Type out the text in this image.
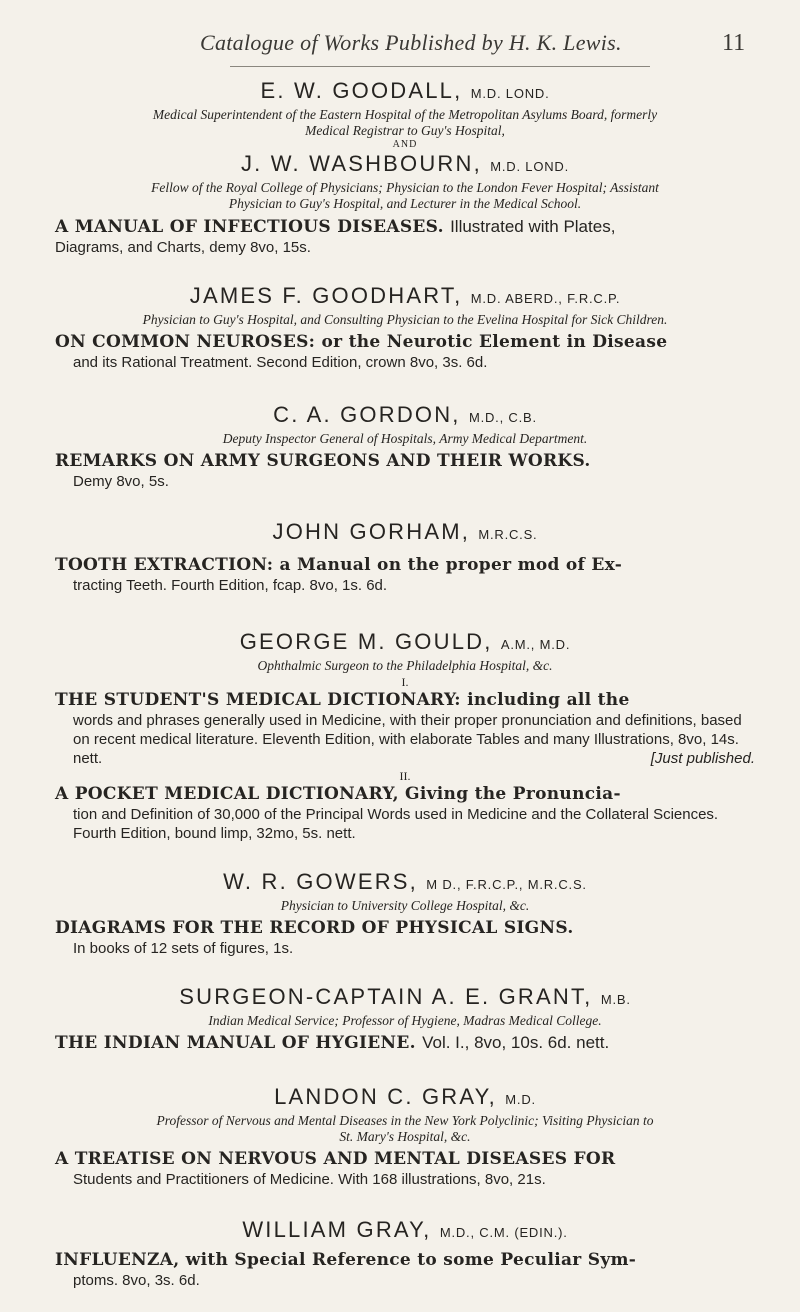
Catalogue of Works Published by H. K. Lewis.	11

E. W. GOODALL, M.D. LOND.

Medical Superintendent of the Eastern Hospital of the Metropolitan Asylums Board, formerly

Medical Registrar to Guy's Hospital,

AND

J. W. WASHBOURN, M.D. LOND.

Fellow of the Royal College of Physicians; Physician to the London Fever Hospital; Assistant

Physician to Guy's Hospital, and Lecturer in the Medical School.

A MANUAL OF INFECTIOUS DISEASES. Illustrated with Plates,

Diagrams, and Charts, demy 8vo, 15s.

JAMES F. GOODHART, M.D. ABERD., F.R.C.P.

Physician to Guy's Hospital, and Consulting Physician to the Evelina Hospital for Sick Children.

ON COMMON NEUROSES: or the Neurotic Element in Disease

and its Rational Treatment. Second Edition, crown 8vo, 3s. 6d.

C. A. GORDON, M.D., C.B.

Deputy Inspector General of Hospitals, Army Medical Department.

REMARKS ON ARMY SURGEONS AND THEIR WORKS.

Demy 8vo, 5s.

JOHN GORHAM, M.R.C.S.

TOOTH EXTRACTION: a Manual on the proper mod of Ex-

tracting Teeth. Fourth Edition, fcap. 8vo, 1s. 6d.

GEORGE M. GOULD, A.M., M.D.

Ophthalmic Surgeon to the Philadelphia Hospital, &c.

I.

THE STUDENT'S MEDICAL DICTIONARY: including all the

words and phrases generally used in Medicine, with their proper pronunciation and definitions, based on recent medical literature. Eleventh Edition, with elaborate Tables and many Illustrations, 8vo, 14s. nett.	[Just published.

II.

A POCKET MEDICAL DICTIONARY, Giving the Pronuncia-

tion and Definition of 30,000 of the Principal Words used in Medicine and the Collateral Sciences. Fourth Edition, bound limp, 32mo, 5s. nett.

W. R. GOWERS, M D., F.R.C.P., M.R.C.S.

Physician to University College Hospital, &c.

DIAGRAMS FOR THE RECORD OF PHYSICAL SIGNS.

In books of 12 sets of figures, 1s.

SURGEON-CAPTAIN A. E. GRANT, M.B.

Indian Medical Service; Professor of Hygiene, Madras Medical College.

THE INDIAN MANUAL OF HYGIENE. Vol. I., 8vo, 10s. 6d. nett.

LANDON C. GRAY, M.D.

Professor of Nervous and Mental Diseases in the New York Polyclinic; Visiting Physician to

St. Mary's Hospital, &c.

A TREATISE ON NERVOUS AND MENTAL DISEASES FOR

Students and Practitioners of Medicine. With 168 illustrations, 8vo, 21s.

WILLIAM GRAY, M.D., C.M. (EDIN.).

INFLUENZA, with Special Reference to some Peculiar Sym-

ptoms. 8vo, 3s. 6d.
